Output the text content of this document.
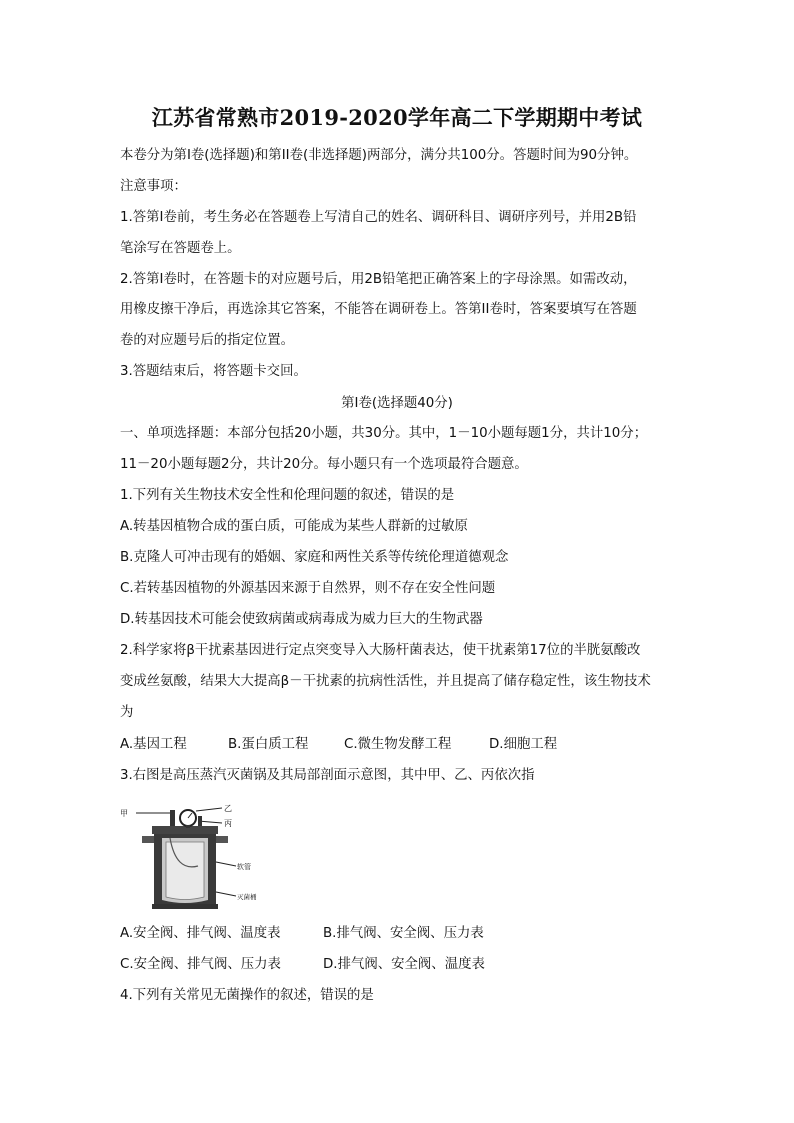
江苏省常熟市2019-2020学年高二下学期期中考试
本卷分为第I卷(选择题)和第II卷(非选择题)两部分，满分共100分。答题时间为90分钟。
注意事项：
1.答第I卷前，考生务必在答题卷上写清自己的姓名、调研科目、调研序列号，并用2B铅
笔涂写在答题卷上。
2.答第I卷时，在答题卡的对应题号后，用2B铅笔把正确答案上的字母涂黑。如需改动，
用橡皮擦干净后，再选涂其它答案，不能答在调研卷上。答第II卷时，答案要填写在答题
卷的对应题号后的指定位置。
3.答题结束后，将答题卡交回。
第I卷(选择题40分)
一、单项选择题：本部分包括20小题，共30分。其中，1－10小题每题1分，共计10分；
11－20小题每题2分，共计20分。每小题只有一个选项最符合题意。
1.下列有关生物技术安全性和伦理问题的叙述，错误的是
A.转基因植物合成的蛋白质，可能成为某些人群新的过敏原
B.克隆人可冲击现有的婚姻、家庭和两性关系等传统伦理道德观念
C.若转基因植物的外源基因来源于自然界，则不存在安全性问题
D.转基因技术可能会使致病菌或病毒成为威力巨大的生物武器
2.科学家将β干扰素基因进行定点突变导入大肠杆菌表达，使干扰素第17位的半胱氨酸改
变成丝氨酸，结果大大提高β－干扰素的抗病性活性，并且提高了储存稳定性，该生物技术
为
A.基因工程	B.蛋白质工程	C.微生物发酵工程	D.细胞工程
3.右图是高压蒸汽灭菌锅及其局部剖面示意图，其中甲、乙、丙依次指
甲
乙
丙
软管
灭菌桶
A.安全阀、排气阀、温度表	B.排气阀、安全阀、压力表
C.安全阀、排气阀、压力表	D.排气阀、安全阀、温度表
4.下列有关常见无菌操作的叙述，错误的是
